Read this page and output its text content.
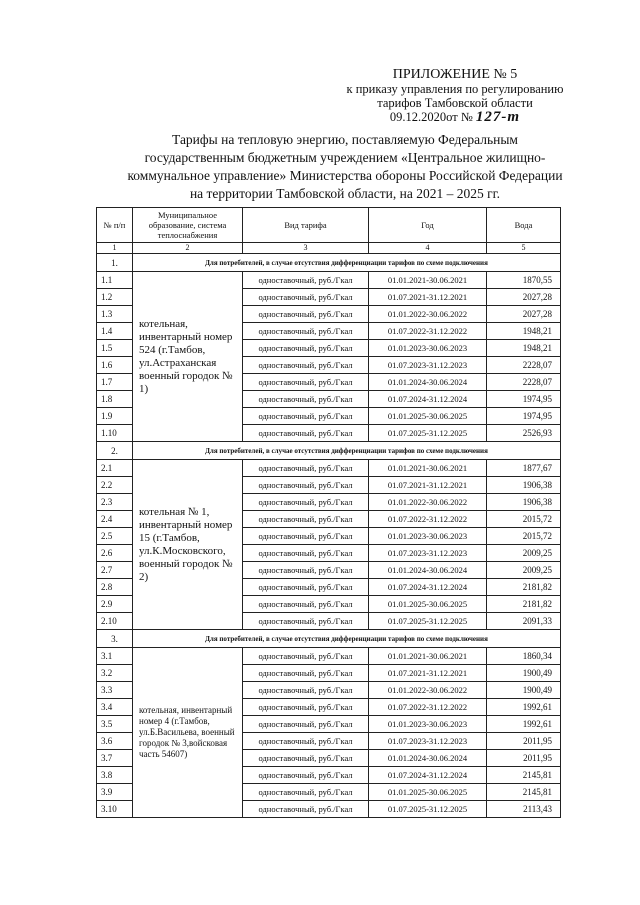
ПРИЛОЖЕНИЕ № 5
к приказу управления по регулированию
тарифов Тамбовской области
09.12.2020от № 127-т
Тарифы на тепловую энергию, поставляемую Федеральным
государственным бюджетным учреждением «Центральное жилищно-
коммунальное управление» Министерства обороны Российской Федерации
на территории Тамбовской области, на 2021 – 2025 гг.
№ п/п	Муниципальное образование, система теплоснабжения	Вид тарифа	Год	Вода
1	2	3	4	5
1.	Для потребителей, в случае отсутствия дифференциации тарифов по схеме подключения			
1.1	котельная, инвентарный номер 524 (г.Тамбов, ул.Астраханская военный городок № 1)	одноставочный, руб./Гкал	01.01.2021-30.06.2021	1870,55
1.2		одноставочный, руб./Гкал	01.07.2021-31.12.2021	2027,28
1.3		одноставочный, руб./Гкал	01.01.2022-30.06.2022	2027,28
1.4		одноставочный, руб./Гкал	01.07.2022-31.12.2022	1948,21
1.5		одноставочный, руб./Гкал	01.01.2023-30.06.2023	1948,21
1.6		одноставочный, руб./Гкал	01.07.2023-31.12.2023	2228,07
1.7		одноставочный, руб./Гкал	01.01.2024-30.06.2024	2228,07
1.8		одноставочный, руб./Гкал	01.07.2024-31.12.2024	1974,95
1.9		одноставочный, руб./Гкал	01.01.2025-30.06.2025	1974,95
1.10		одноставочный, руб./Гкал	01.07.2025-31.12.2025	2526,93
2.	Для потребителей, в случае отсутствия дифференциации тарифов по схеме подключения			
2.1	котельная № 1, инвентарный номер 15 (г.Тамбов, ул.К.Московского, военный городок № 2)	одноставочный, руб./Гкал	01.01.2021-30.06.2021	1877,67
2.2		одноставочный, руб./Гкал	01.07.2021-31.12.2021	1906,38
2.3		одноставочный, руб./Гкал	01.01.2022-30.06.2022	1906,38
2.4		одноставочный, руб./Гкал	01.07.2022-31.12.2022	2015,72
2.5		одноставочный, руб./Гкал	01.01.2023-30.06.2023	2015,72
2.6		одноставочный, руб./Гкал	01.07.2023-31.12.2023	2009,25
2.7		одноставочный, руб./Гкал	01.01.2024-30.06.2024	2009,25
2.8		одноставочный, руб./Гкал	01.07.2024-31.12.2024	2181,82
2.9		одноставочный, руб./Гкал	01.01.2025-30.06.2025	2181,82
2.10		одноставочный, руб./Гкал	01.07.2025-31.12.2025	2091,33
3.	Для потребителей, в случае отсутствия дифференциации тарифов по схеме подключения			
3.1	котельная, инвентарный номер 4 (г.Тамбов, ул.Б.Васильева, военный городок № 3,войсковая часть 54607)	одноставочный, руб./Гкал	01.01.2021-30.06.2021	1860,34
3.2		одноставочный, руб./Гкал	01.07.2021-31.12.2021	1900,49
3.3		одноставочный, руб./Гкал	01.01.2022-30.06.2022	1900,49
3.4		одноставочный, руб./Гкал	01.07.2022-31.12.2022	1992,61
3.5		одноставочный, руб./Гкал	01.01.2023-30.06.2023	1992,61
3.6		одноставочный, руб./Гкал	01.07.2023-31.12.2023	2011,95
3.7		одноставочный, руб./Гкал	01.01.2024-30.06.2024	2011,95
3.8		одноставочный, руб./Гкал	01.07.2024-31.12.2024	2145,81
3.9		одноставочный, руб./Гкал	01.01.2025-30.06.2025	2145,81
3.10		одноставочный, руб./Гкал	01.07.2025-31.12.2025	2113,43
